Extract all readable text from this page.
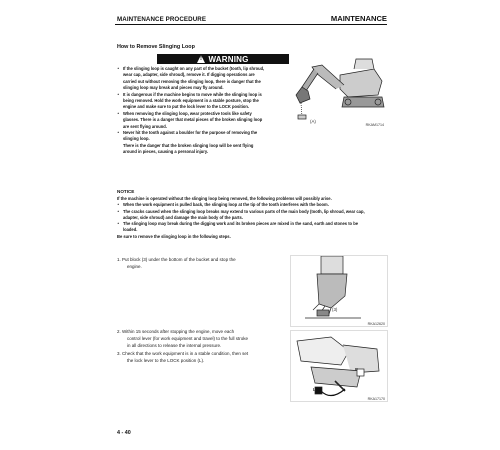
MAINTENANCE PROCEDURE	MAINTENANCE
How to Remove Slinging Loop
!
WARNING
• If the slinging loop is caught on any part of the bucket (tooth, lip shroud,
wear cap, adapter, side shroud), remove it. If digging operations are
carried out without removing the slinging loop, there is danger that the
slinging loop may break and pieces may fly around.
• It is dangerous if the machine begins to move while the slinging loop is
being removed. Hold the work equipment in a stable posture, stop the
engine and make sure to put the lock lever to the LOCK position.
• When removing the slinging loop, wear protective tools like safety
glasses. There is a danger that metal pieces of the broken slinging loop
are sent flying around.
• Never hit the tooth against a boulder for the purpose of removing the
slinging loop.
There is the danger that the broken slinging loop will be sent flying
around in pieces, causing a personal injury.
(A)
RKAM1714
NOTICE
If the machine is operated without the slinging loop being removed, the following problems will possibly arise.
• When the work equipment is pulled back, the slinging loop at the tip of the tooth interferes with the boom.
• The cracks caused when the slinging loop breaks may extend to various parts of the main body (tooth, lip shroud, wear cap,
adapter, side shroud) and damage the main body of the parts.
• The slinging loop may break during the digging work and its broken pieces are mixed in the sand, earth and stones to be
loaded.
Be sure to remove the slinging loop in the following steps.
1. Put block (3) under the bottom of the bucket and stop the
engine.
(3)
RKA12620
2. Within 15 seconds after stopping the engine, move each
control lever (for work equipment and travel) to the full stroke
in all directions to release the internal pressure.
3. Check that the work equipment is in a stable condition, then set
the lock lever to the LOCK position (L).
L
F
RKA17170
4 - 40
